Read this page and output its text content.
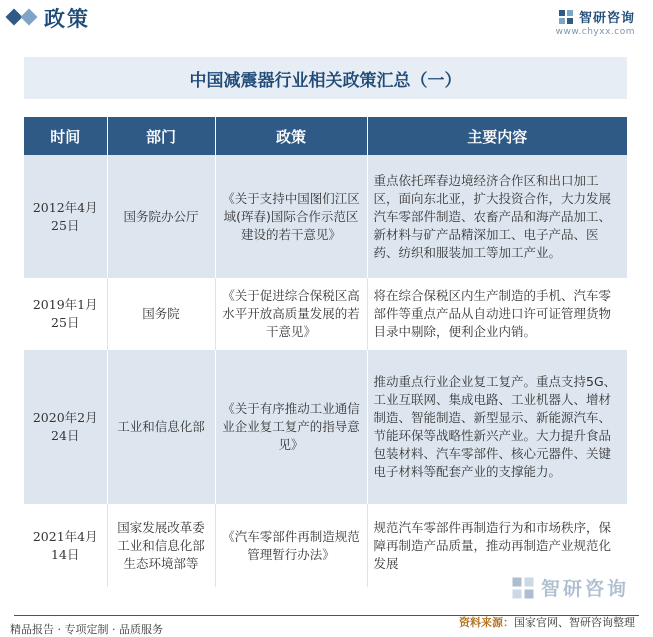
政策	智研咨询
www.chyxx.com
中国减震器行业相关政策汇总（一）
时间	部门	政策	主要内容
2012年4月25日	国务院办公厅	《关于支持中国图们江区域(珲春)国际合作示范区建设的若干意见》	重点依托珲春边境经济合作区和出口加工区，面向东北亚，扩大投资合作，大力发展汽车零部件制造、农畜产品和海产品加工、新材料与矿产品精深加工、电子产品、医药、纺织和服装加工等加工产业。
2019年1月25日	国务院	《关于促进综合保税区高水平开放高质量发展的若干意见》	将在综合保税区内生产制造的手机、汽车零部件等重点产品从自动进口许可证管理货物目录中剔除，便利企业内销。
2020年2月24日	工业和信息化部	《关于有序推动工业通信业企业复工复产的指导意见》	推动重点行业企业复工复产。重点支持5G、工业互联网、集成电路、工业机器人、增材制造、智能制造、新型显示、新能源汽车、节能环保等战略性新兴产业。大力提升食品包装材料、汽车零部件、核心元器件、关键电子材料等配套产业的支撑能力。
2021年4月14日	国家发展改革委 工业和信息化部 生态环境部等	《汽车零部件再制造规范管理暂行办法》	规范汽车零部件再制造行为和市场秩序，保障再制造产品质量，推动再制造产业规范化发展
智研咨询
精品报告 · 专项定制 · 品质服务
资料来源：国家官网、智研咨询整理
